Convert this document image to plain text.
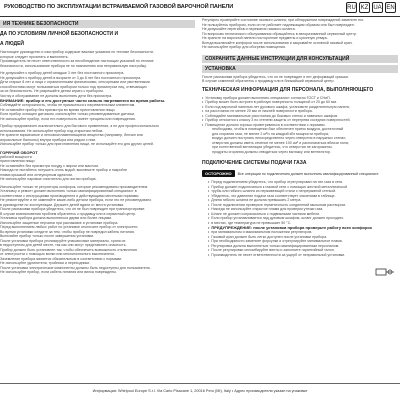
РУКОВОДСТВО ПО ЭКСПЛУАТАЦИИ ВСТРАИВАЕМОЙ ГАЗОВОЙ ВАРОЧНОЙ ПАНЕЛИ	RU KZ UA EN
ИЯ ТЕХНИКЕ БЕЗОПАСНОСТИ
ДА ПО УСЛОВИЯМ ЛИЧНОЙ БЕЗОПАСНОСТИ И
А ЛЮДЕЙ
Настоящее руководство и сам прибор содержат важные указания по технике безопасности,
которые следует прочитать и выполнять.
Производитель не несет ответственности за несоблюдение настоящих указаний по технике
безопасности, использование прибора не по назначению или неправильную настройку.
Не допускайте к прибору детей младше 3 лет без постоянного присмотра.
Не допускайте к прибору детей в возрасте от 3 до 8 лет без постоянного присмотра.
Дети старше 8 лет и лица с ограниченными физическими, сенсорными или умственными
способностями могут пользоваться прибором только под присмотром лиц, отвечающих
за их безопасность. Не разрешайте детям играть с прибором.
Чистку и обслуживание не должны выполнять дети без присмотра.
ВНИМАНИЕ: прибор и его доступные части сильно нагреваются во время работы.
Соблюдайте осторожность, чтобы не прикасаться к нагревательным элементам.
Не оставляйте прибор без присмотра во время приготовления пищи.
Если прибор оснащен датчиком, используйте только рекомендованные датчики.
Не используйте прибор, если его поверхность имеет трещины или повреждения.
Прибор предназначен исключительно для бытового применения, а не для профессионального
использования. Не используйте прибор под открытым небом.
Не храните взрывчатые и легковоспламеняющиеся вещества (например, бензин или
аэрозольные баллоны) внутри прибора или рядом с ним.
Используйте прибор только для приготовления пищи, не используйте его для других целей.
ГОРЯЧИЙ ОБОРОТ
рабочей мощности
приготовления пищи
Не оставляйте без присмотра посуду с жиром или маслом.
Никогда не пытайтесь потушить огонь водой: выключите прибор и накройте
пламя крышкой или огнеупорным одеялом.
Не используйте паровые очистители для чистки прибора.
Используйте только те регуляторы конфорок, которые рекомендованы производителем.
Установку и ремонт должен выполнять только квалифицированный специалист в
соответствии с инструкциями производителя и действующими местными нормами.
Не ремонтируйте и не заменяйте какие-либо детали прибора, если это не рекомендовано
в руководстве по эксплуатации. Держите детей вдали от места установки.
После распаковки прибора убедитесь, что он не был поврежден при транспортировке.
В случае возникновения проблем обратитесь к продавцу или в сервисный центр.
Установка прибора должна выполняться двумя или более лицами.
Используйте защитные перчатки при распаковке и установке прибора.
Перед выполнением любых работ по установке отключите прибор от электросети.
Во время установки следите за тем, чтобы прибор не повредил кабель питания.
Включайте прибор только после завершения установки.
После установки прибора утилизируйте упаковочные материалы, храня их
в недоступном для детей месте, так как они могут представлять опасность.
Прибор должен быть установлен так, чтобы обеспечить возможность отключения
от электросети с помощью вилки или многополюсного выключателя.
Заземление прибора является обязательным в соответствии с нормами.
Не используйте удлинители, тройники и переходники.
После установки электрические компоненты должны быть недоступны для пользователя.
Не используйте прибор, если кабель питания или вилка повреждены.
Регулярно проверяйте состояние газового шланга; при обнаружении повреждений замените его.
Не пользуйтесь прибором, если он не работает надлежащим образом или был поврежден.
Не допускайте перегибов и пережатия газового шланга.
По вопросам технического обслуживания обращайтесь в авторизованный сервисный центр.
Не храните на варочной панели посторонние предметы и кухонную утварь.
Всегда выключайте конфорки после использования и закрывайте основной газовый кран.
Не используйте прибор для обогрева помещения.
СОХРАНИТЕ ДАННЫЕ ИНСТРУКЦИИ ДЛЯ КОНСУЛЬТАЦИЙ
УСТАНОВКА
После распаковки прибора убедитесь, что он не поврежден и нет деформаций крышки.
В случае сомнений обратитесь к продавцу или в ближайший сервисный центр.
ТЕХНИЧЕСКАЯ ИНФОРМАЦИЯ ДЛЯ ПЕРСОНАЛА, ВЫПОЛНЯЮЩЕГО
• Установку прибора должен выполнять специалист согласно ГОСТ и СНиП.
• Прибор может быть встроен в рабочую поверхность толщиной от 20 до 60 мм.
• Если под варочной панелью нет духового шкафа, установите разделительную панель
• на расстоянии не менее 20 мм от нижней поверхности прибора.
• Соблюдайте минимальные расстояния до боковых стенок и навесных шкафов.
• Прибор относится к классу 3 по степени защиты от перегрева соседних поверхностей.
• Помещение должно хорошо проветриваться в соответствии с нормами.
необходимо, чтобы в помещении был обеспечен приток воздуха, достаточный
для сгорания газа, не менее 2 м³/ч на каждый кВт мощности прибора;
воздух должен поступать непосредственно через отверстия в наружных стенах;
отверстия должны иметь сечение не менее 100 см² и располагаться вблизи пола;
при естественной вентиляции убедитесь, что отверстия не загорожены;
продукты сгорания должны отводиться через вытяжку или вентилятор.
ПОДКЛЮЧЕНИЕ СИСТЕМЫ ПОДАЧИ ГАЗА
ОСТОРОЖНО	Все операции по подключению должен выполнять квалифицированный специалист.
• Перед подключением убедитесь, что прибор отрегулирован на тип газа в сети.
• Прибор должен подключаться к газовой сети с помощью жесткой металлической
• трубы или гибкого шланга из нержавеющей стали с непрерывной стенкой.
• Убедитесь, что давление подачи газа соответствует значениям в таблице.
• Длина гибкого шланга не должна превышать 2 метра.
• После подключения проверьте герметичность соединений мыльным раствором.
• Никогда не используйте открытое пламя для проверки утечки газа.
• Шланг не должен соприкасаться с подвижными частями мебели.
• Если прибор устанавливается над духовым шкафом, шланг должен проходить
• в местах, где температура не превышает 50 °C.
• ПРЕДУПРЕЖДЕНИЕ: после установки прибора проверьте работу всех конфорок
• при минимальном и максимальном положении регуляторов.
• Газовый кран должен быть легко доступен после установки прибора.
• При необходимости замените форсунки и отрегулируйте минимальное пламя.
• Регулировка должна выполняться только квалифицированным персоналом.
• После регулировки опломбируйте винты и заполните гарантийный талон.
• Производитель не несет ответственности за ущерб от неправильной установки.
Информация: Whirlpool Europe S.r.l. Via Carlo Pisacane 1, 20016 Pero (MI), Italy • Адрес производителя указан на упаковке
